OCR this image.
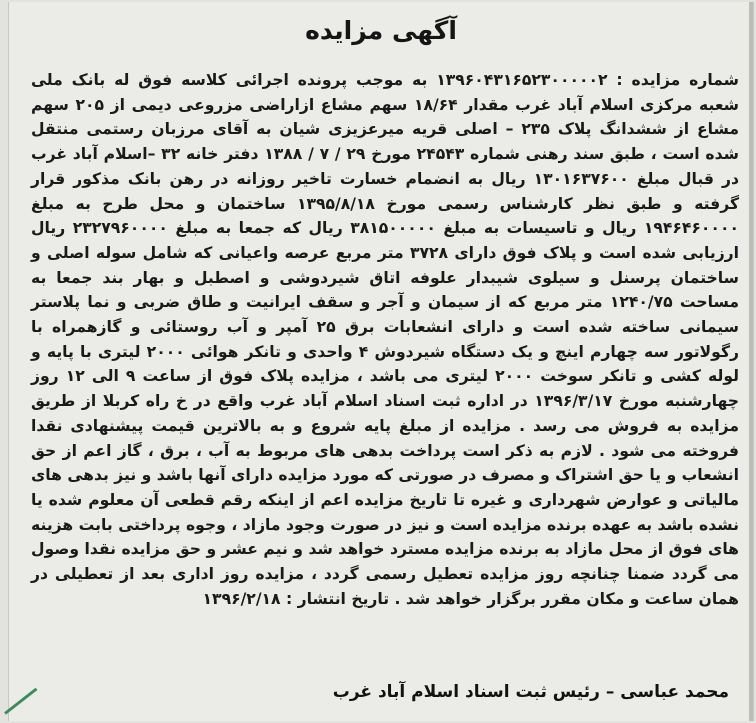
آگهی مزایده
شماره مزایده : ۱۳۹۶۰۴۳۱۶۵۲۳۰۰۰۰۰۲ به موجب پرونده اجرائی کلاسه فوق له بانک ملی شعبه مرکزی اسلام آباد غرب مقدار ۱۸/۶۴ سهم مشاع ازاراضی مزروعی دیمی از ۲۰۵ سهم مشاع از ششدانگ پلاک ۲۳۵ – اصلی قریه میرعزیزی شیان به آقای مرزبان رستمی منتقل شده است ، طبق سند رهنی شماره ۲۴۵۴۳ مورخ ۲۹ / ۷ / ۱۳۸۸ دفتر خانه ۳۲ –اسلام آباد غرب در قبال مبلغ ۱۳۰۱۶۳۷۶۰۰ ریال به انضمام خسارت تاخیر روزانه در رهن بانک مذکور قرار گرفته و طبق نظر کارشناس رسمی مورخ ۱۳۹۵/۸/۱۸ ساختمان و محل طرح به مبلغ ۱۹۴۶۴۶۰۰۰۰ ریال و تاسیسات به مبلغ ۳۸۱۵۰۰۰۰۰ ریال که جمعا به مبلغ ۲۳۲۷۹۶۰۰۰۰ ریال ارزیابی شده است و پلاک فوق دارای ۳۷۲۸ متر مربع عرصه واعیانی که شامل سوله اصلی و ساختمان پرسنل و سیلوی شیبدار علوفه اتاق شیردوشی و اصطبل و بهار بند جمعا به مساحت ۱۲۴۰/۷۵ متر مربع که از سیمان و آجر و سقف ایرانیت و طاق ضربی و نما پلاستر سیمانی ساخته شده است و دارای انشعابات برق ۲۵ آمپر و آب روستائی و گازهمراه با رگولاتور سه چهارم اینچ و یک دستگاه شیردوش ۴ واحدی و تانکر هوائی ۲۰۰۰ لیتری با پایه و لوله کشی و تانکر سوخت ۲۰۰۰ لیتری می باشد ، مزایده پلاک فوق از ساعت ۹ الی ۱۲ روز چهارشنبه مورخ ۱۳۹۶/۳/۱۷ در اداره ثبت اسناد اسلام آباد غرب واقع در خ راه کربلا از طریق مزایده به فروش می رسد . مزایده از مبلغ پایه شروع و به بالاترین قیمت پیشنهادی نقدا فروخته می شود . لازم به ذکر است پرداخت بدهی های مربوط به آب ، برق ، گاز اعم از حق انشعاب و یا حق اشتراک و مصرف در صورتی که مورد مزایده دارای آنها باشد و نیز بدهی های مالیاتی و عوارض شهرداری و غیره تا تاریخ مزایده اعم از اینکه رقم قطعی آن معلوم شده یا نشده باشد به عهده برنده مزایده است و نیز در صورت وجود مازاد ، وجوه پرداختی بابت هزینه های فوق از محل مازاد به برنده مزایده مسترد خواهد شد و نیم عشر و حق مزایده نقدا وصول می گردد ضمنا چنانچه روز مزایده تعطیل رسمی گردد ، مزایده روز اداری بعد از تعطیلی در همان ساعت و مکان مقرر برگزار خواهد شد . تاریخ انتشار : ۱۳۹۶/۲/۱۸
محمد عباسی – رئیس ثبت اسناد اسلام آباد غرب
